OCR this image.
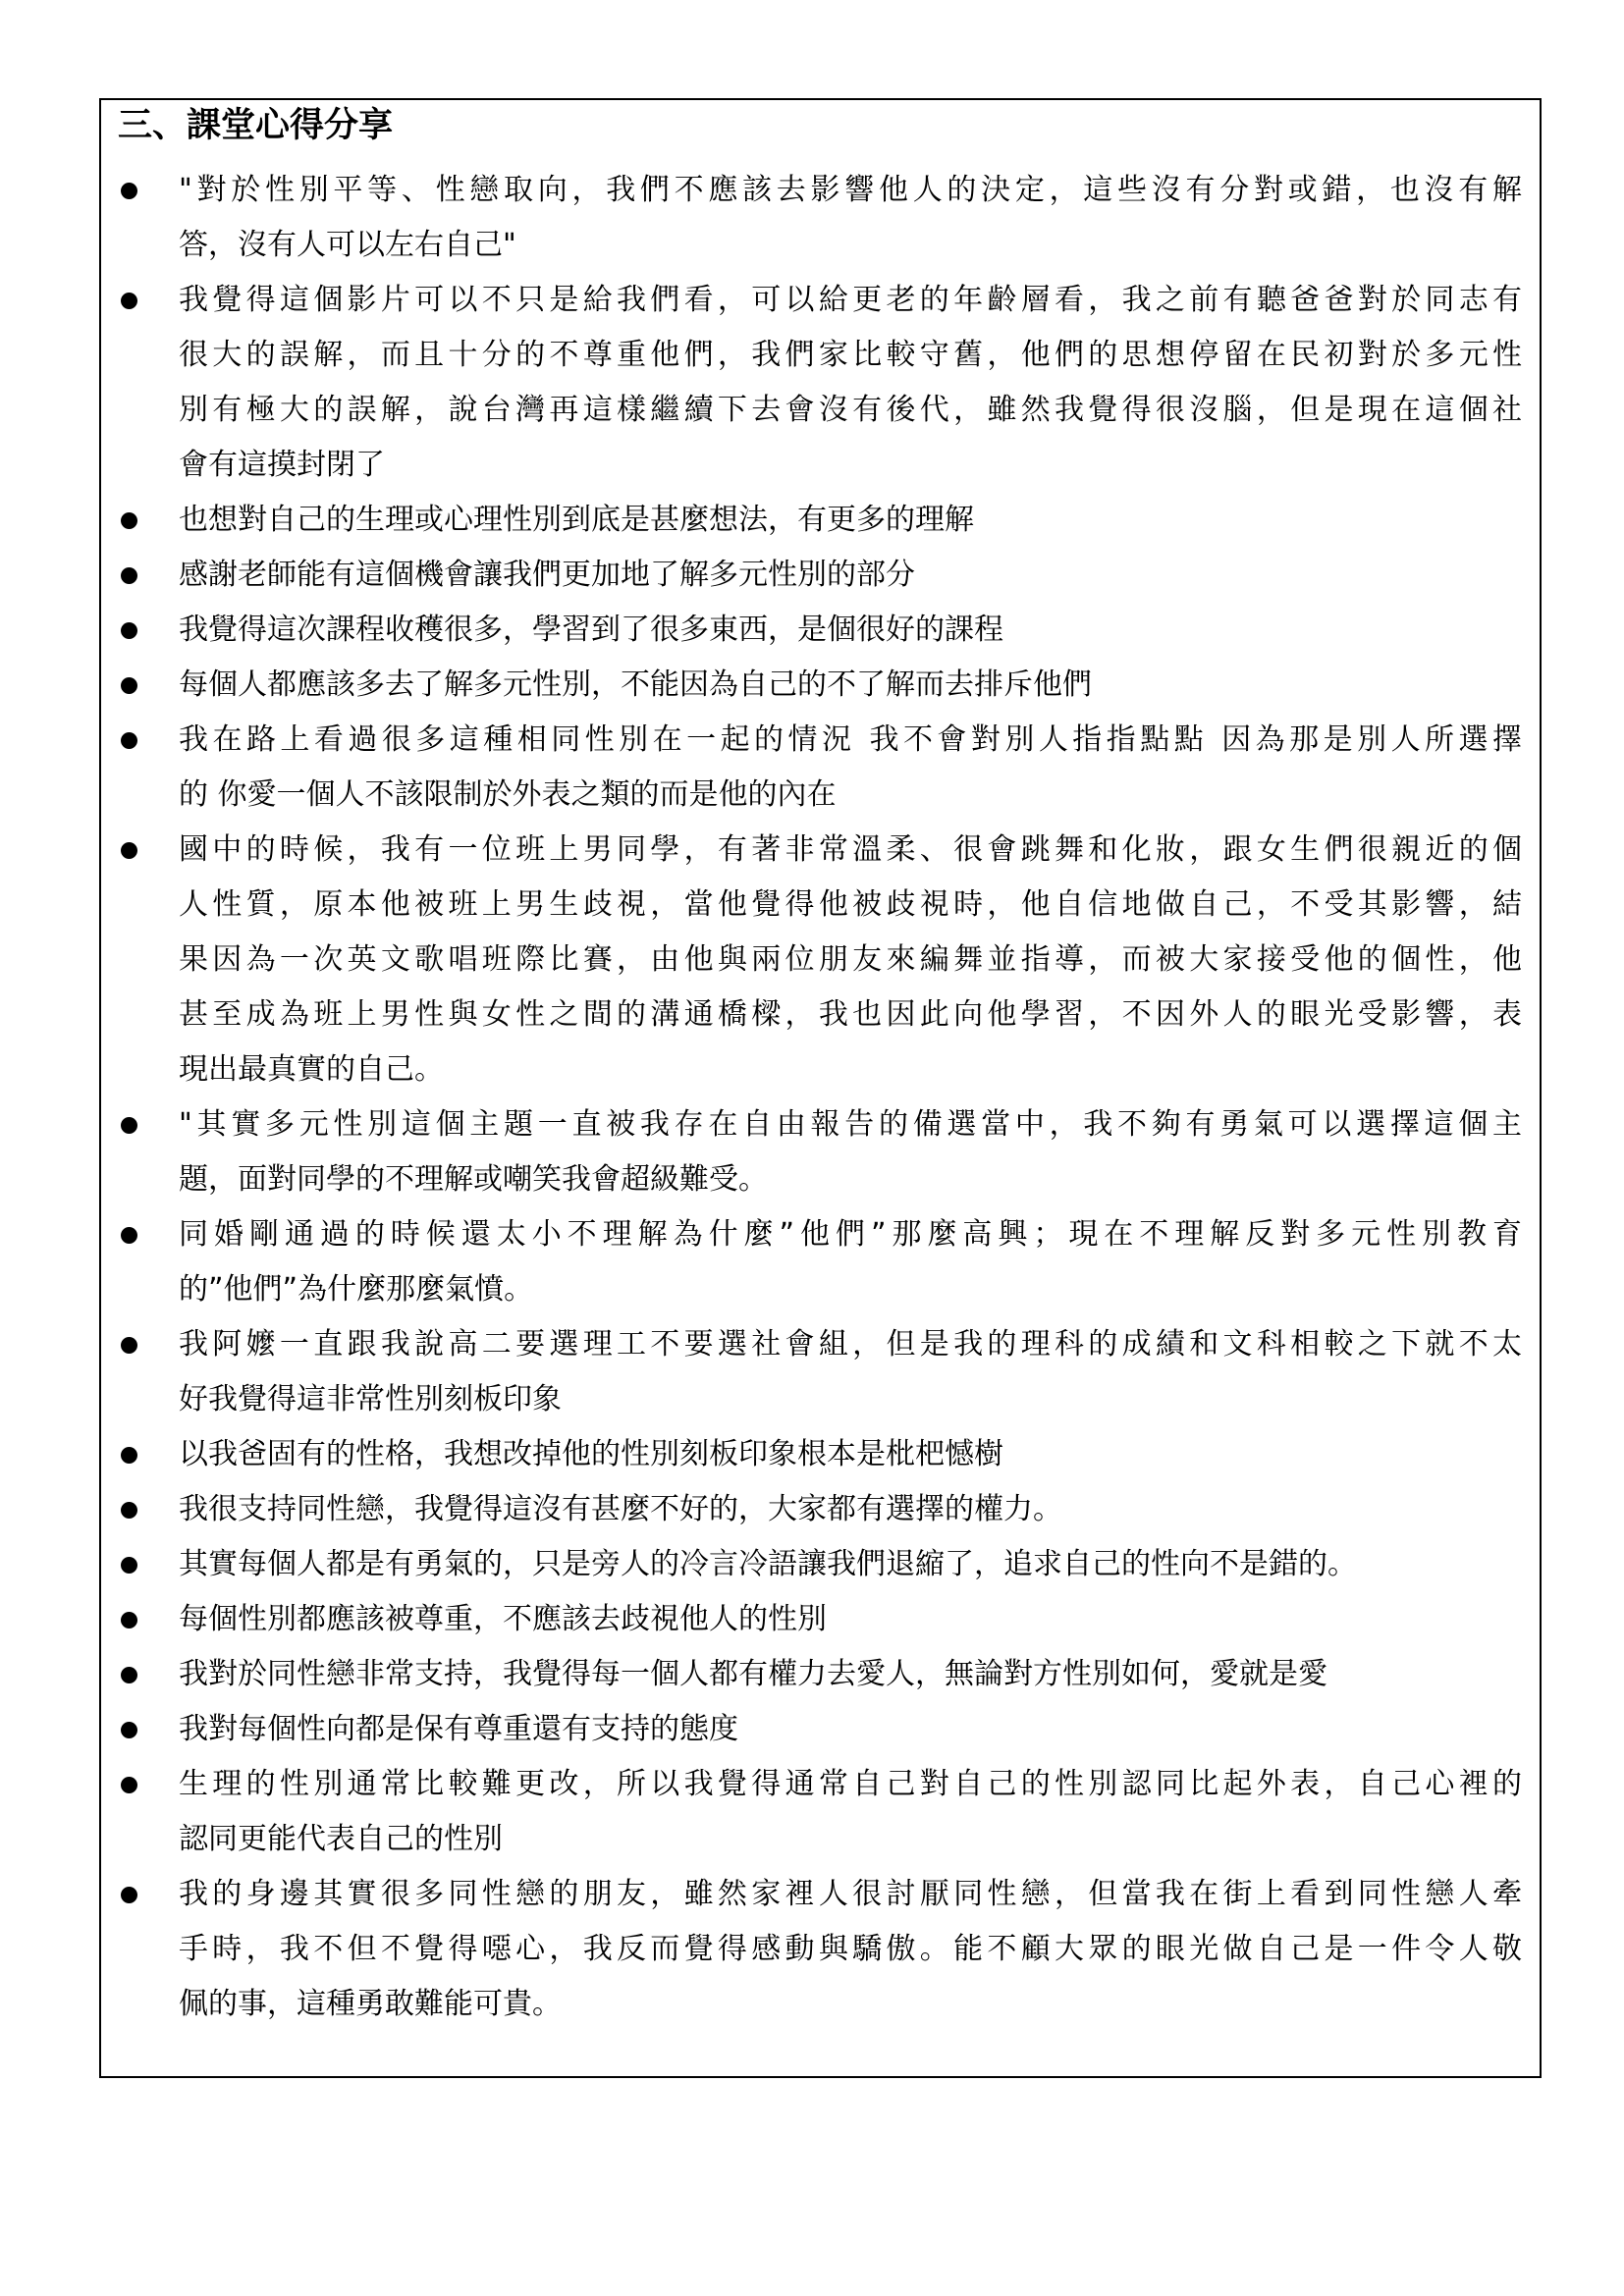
三、課堂心得分享
"對於性別平等、性戀取向，我們不應該去影響他人的決定，這些沒有分對或錯，也沒有解
答，沒有人可以左右自己"
我覺得這個影片可以不只是給我們看，可以給更老的年齡層看，我之前有聽爸爸對於同志有
很大的誤解，而且十分的不尊重他們，我們家比較守舊，他們的思想停留在民初對於多元性
別有極大的誤解，說台灣再這樣繼續下去會沒有後代，雖然我覺得很沒腦，但是現在這個社
會有這摸封閉了
也想對自己的生理或心理性別到底是甚麼想法，有更多的理解
感謝老師能有這個機會讓我們更加地了解多元性別的部分
我覺得這次課程收穫很多，學習到了很多東西，是個很好的課程
每個人都應該多去了解多元性別，不能因為自己的不了解而去排斥他們
我在路上看過很多這種相同性別在一起的情況 我不會對別人指指點點 因為那是別人所選擇
的 你愛一個人不該限制於外表之類的而是他的內在
國中的時候，我有一位班上男同學，有著非常溫柔、很會跳舞和化妝，跟女生們很親近的個
人性質，原本他被班上男生歧視，當他覺得他被歧視時，他自信地做自己，不受其影響，結
果因為一次英文歌唱班際比賽，由他與兩位朋友來編舞並指導，而被大家接受他的個性，他
甚至成為班上男性與女性之間的溝通橋樑，我也因此向他學習，不因外人的眼光受影響，表
現出最真實的自己。
"其實多元性別這個主題一直被我存在自由報告的備選當中，我不夠有勇氣可以選擇這個主
題，面對同學的不理解或嘲笑我會超級難受。
同婚剛通過的時候還太小不理解為什麼”他們”那麼高興；現在不理解反對多元性別教育
的”他們”為什麼那麼氣憤。
我阿嬤一直跟我說高二要選理工不要選社會組，但是我的理科的成績和文科相較之下就不太
好我覺得這非常性別刻板印象
以我爸固有的性格，我想改掉他的性別刻板印象根本是枇杷憾樹
我很支持同性戀，我覺得這沒有甚麼不好的，大家都有選擇的權力。
其實每個人都是有勇氣的，只是旁人的冷言冷語讓我們退縮了，追求自己的性向不是錯的。
每個性別都應該被尊重，不應該去歧視他人的性別
我對於同性戀非常支持，我覺得每一個人都有權力去愛人，無論對方性別如何，愛就是愛
我對每個性向都是保有尊重還有支持的態度
生理的性別通常比較難更改，所以我覺得通常自己對自己的性別認同比起外表，自己心裡的
認同更能代表自己的性別
我的身邊其實很多同性戀的朋友，雖然家裡人很討厭同性戀，但當我在街上看到同性戀人牽
手時，我不但不覺得噁心，我反而覺得感動與驕傲。能不顧大眾的眼光做自己是一件令人敬
佩的事，這種勇敢難能可貴。
